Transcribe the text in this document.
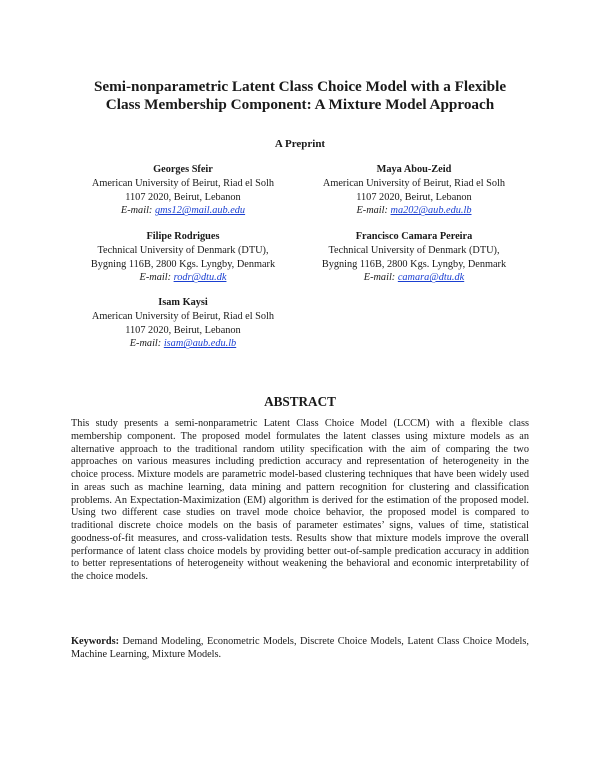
Semi-nonparametric Latent Class Choice Model with a Flexible
Class Membership Component: A Mixture Model Approach
A Preprint
Georges Sfeir
American University of Beirut, Riad el Solh
1107 2020, Beirut, Lebanon
E-mail: gms12@mail.aub.edu
Maya Abou-Zeid
American University of Beirut, Riad el Solh
1107 2020, Beirut, Lebanon
E-mail: ma202@aub.edu.lb
Filipe Rodrigues
Technical University of Denmark (DTU),
Bygning 116B, 2800 Kgs. Lyngby, Denmark
E-mail: rodr@dtu.dk
Francisco Camara Pereira
Technical University of Denmark (DTU),
Bygning 116B, 2800 Kgs. Lyngby, Denmark
E-mail: camara@dtu.dk
Isam Kaysi
American University of Beirut, Riad el Solh
1107 2020, Beirut, Lebanon
E-mail: isam@aub.edu.lb
ABSTRACT
This study presents a semi-nonparametric Latent Class Choice Model (LCCM) with a flexible class membership component. The proposed model formulates the latent classes using mixture models as an alternative approach to the traditional random utility specification with the aim of comparing the two approaches on various measures including prediction accuracy and representation of heterogeneity in the choice process. Mixture models are parametric model-based clustering techniques that have been widely used in areas such as machine learning, data mining and pattern recognition for clustering and classification problems. An Expectation-Maximization (EM) algorithm is derived for the estimation of the proposed model. Using two different case studies on travel mode choice behavior, the proposed model is compared to traditional discrete choice models on the basis of parameter estimates’ signs, values of time, statistical goodness-of-fit measures, and cross-validation tests. Results show that mixture models improve the overall performance of latent class choice models by providing better out-of-sample predication accuracy in addition to better representations of heterogeneity without weakening the behavioral and economic interpretability of the choice models.
Keywords: Demand Modeling, Econometric Models, Discrete Choice Models, Latent Class Choice Models, Machine Learning, Mixture Models.
